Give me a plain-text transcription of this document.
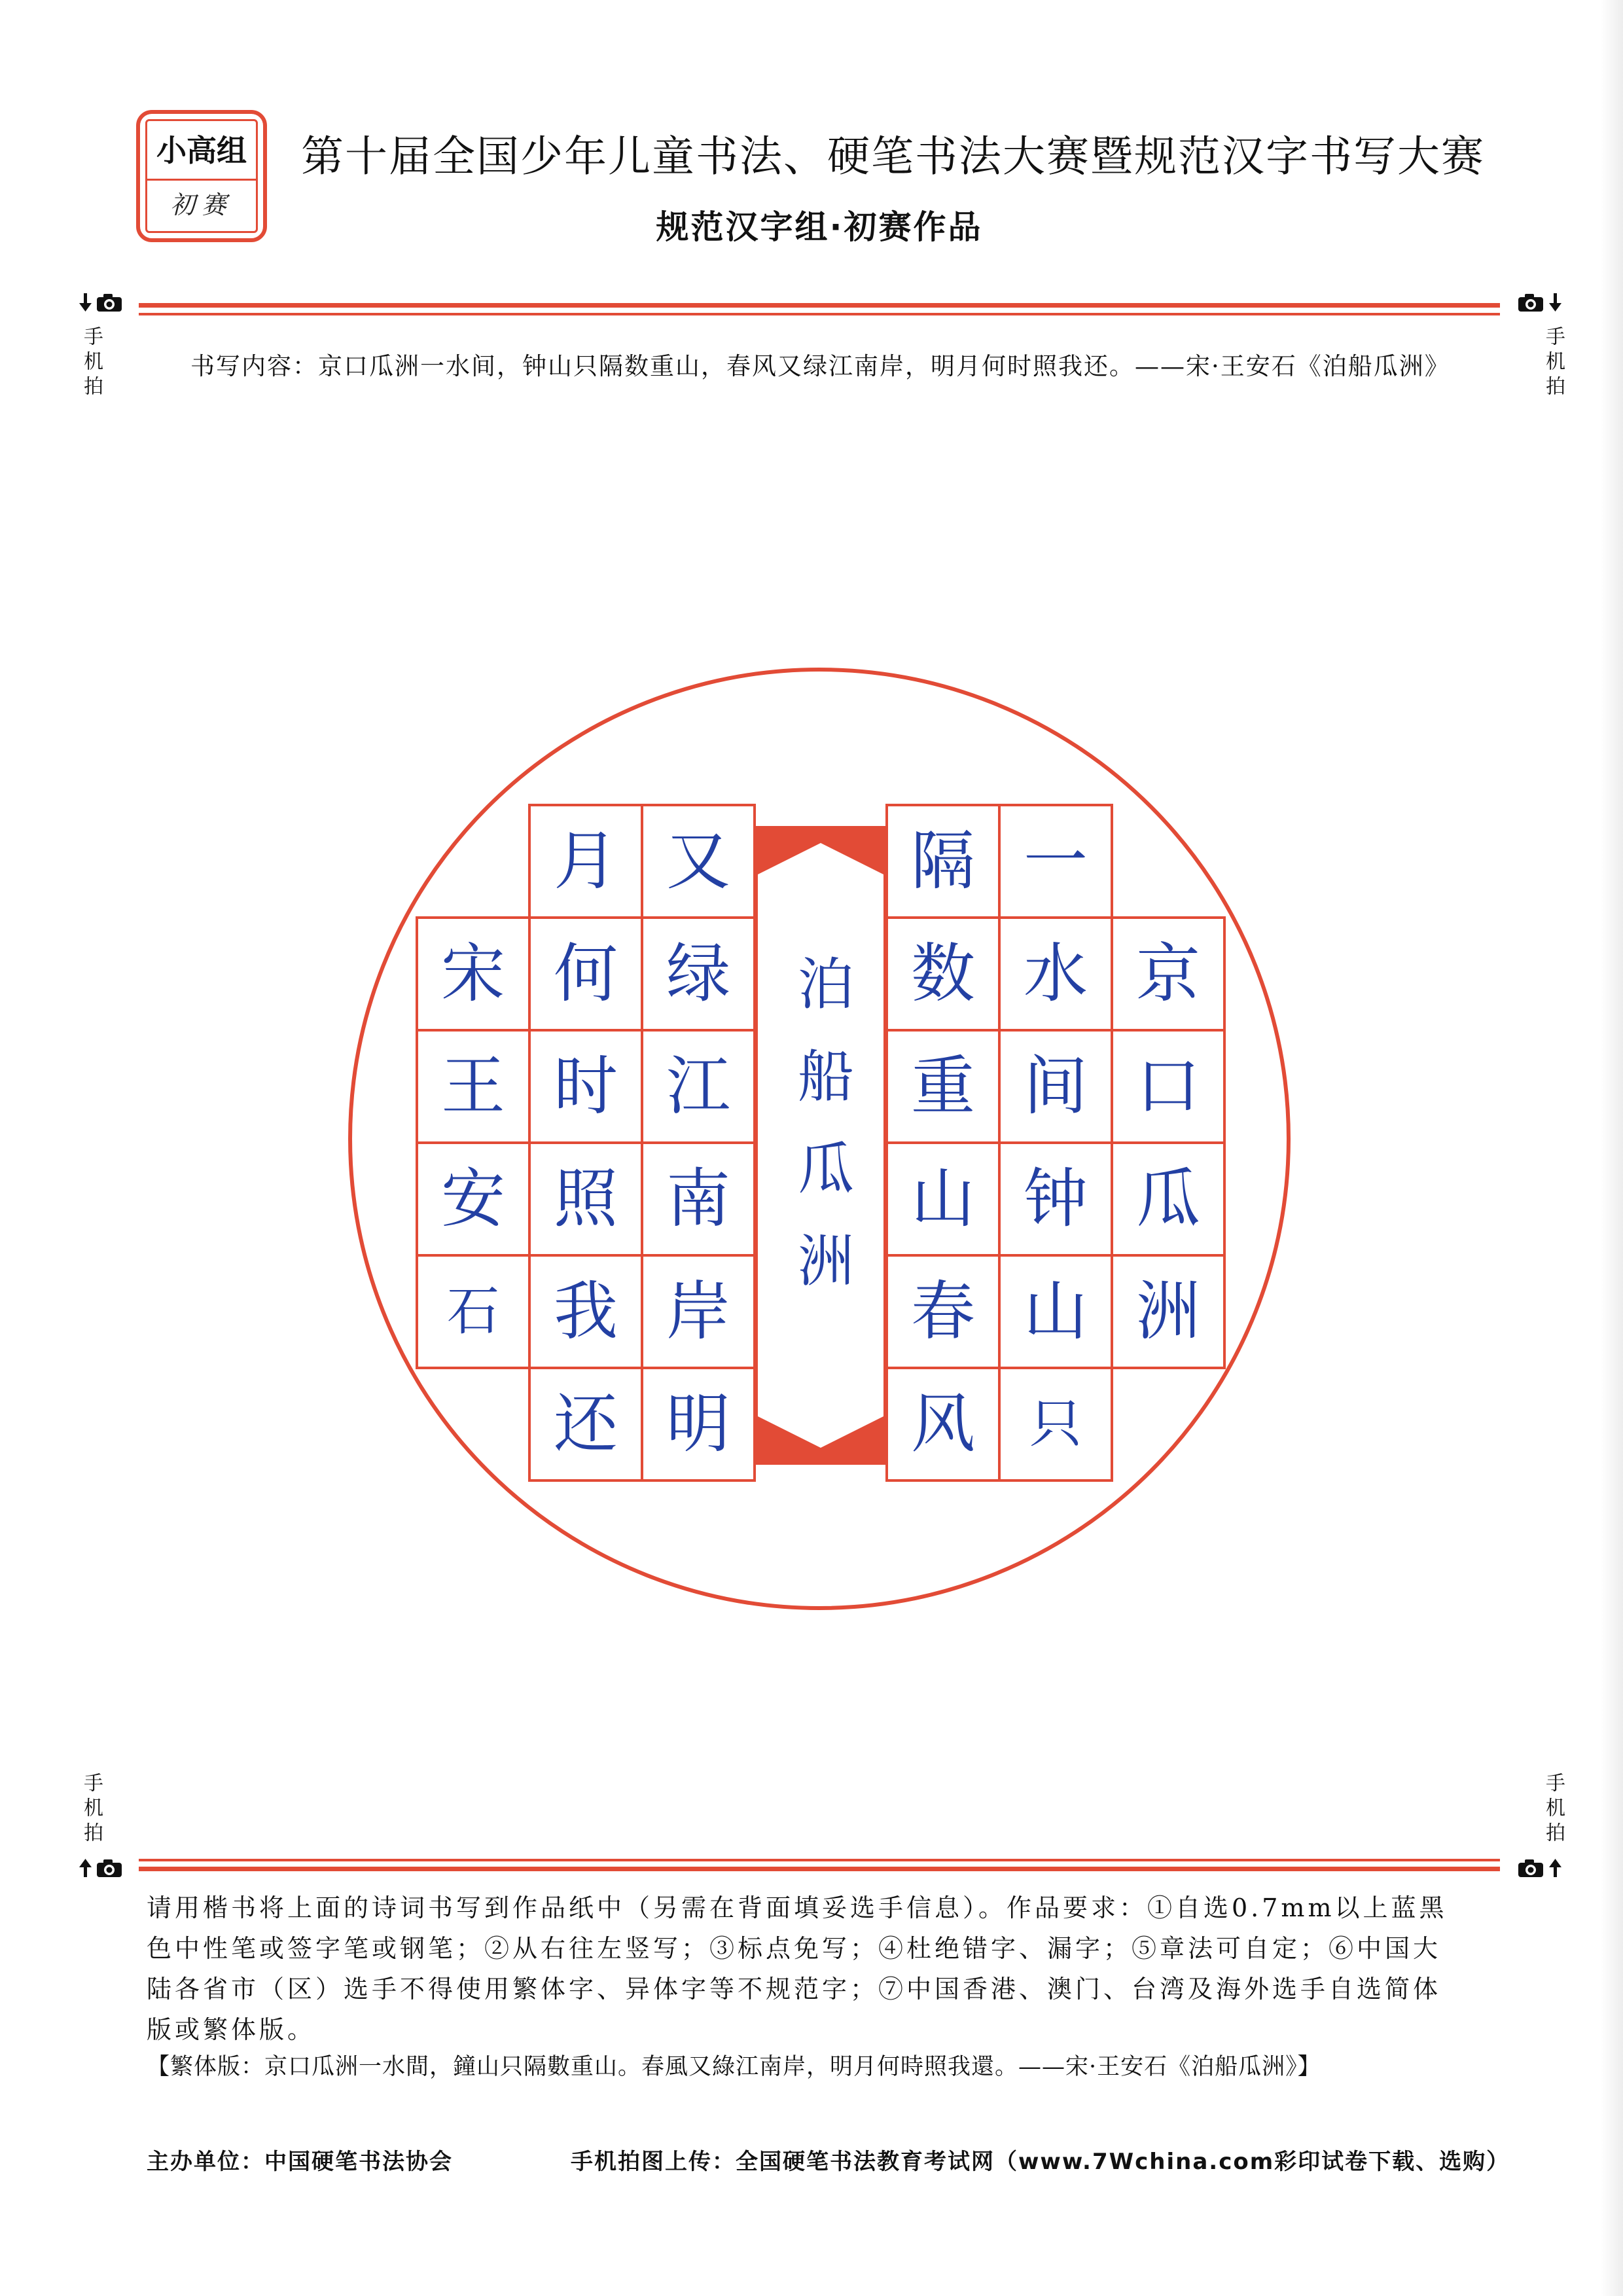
小高组
初赛
第十届全国少年儿童书法、硬笔书法大赛暨规范汉字书写大赛
规范汉字组·初赛作品
手机拍	手机拍
书写内容：京口瓜洲一水间，钟山只隔数重山，春风又绿江南岸，明月何时照我还。——宋·王安石《泊船瓜洲》
京
口
瓜
洲
一
水
间
钟
山
只
隔
数
重
山
春
风
又
绿
江
南
岸
明
月
何
时
照
我
还
宋
王
安
石	泊船瓜洲
手机拍	手机拍
请用楷书将上面的诗词书写到作品纸中（另需在背面填妥选手信息）。作品要求：①自选0.7mm以上蓝黑
色中性笔或签字笔或钢笔；②从右往左竖写；③标点免写；④杜绝错字、漏字；⑤章法可自定；⑥中国大
陆各省市（区）选手不得使用繁体字、异体字等不规范字；⑦中国香港、澳门、台湾及海外选手自选简体
版或繁体版。
【繁体版：京口瓜洲一水間，鐘山只隔數重山。春風又綠江南岸，明月何時照我還。——宋·王安石《泊船瓜洲》】
主办单位：中国硬笔书法协会	手机拍图上传：全国硬笔书法教育考试网（www.7Wchina.com彩印试卷下载、选购）
